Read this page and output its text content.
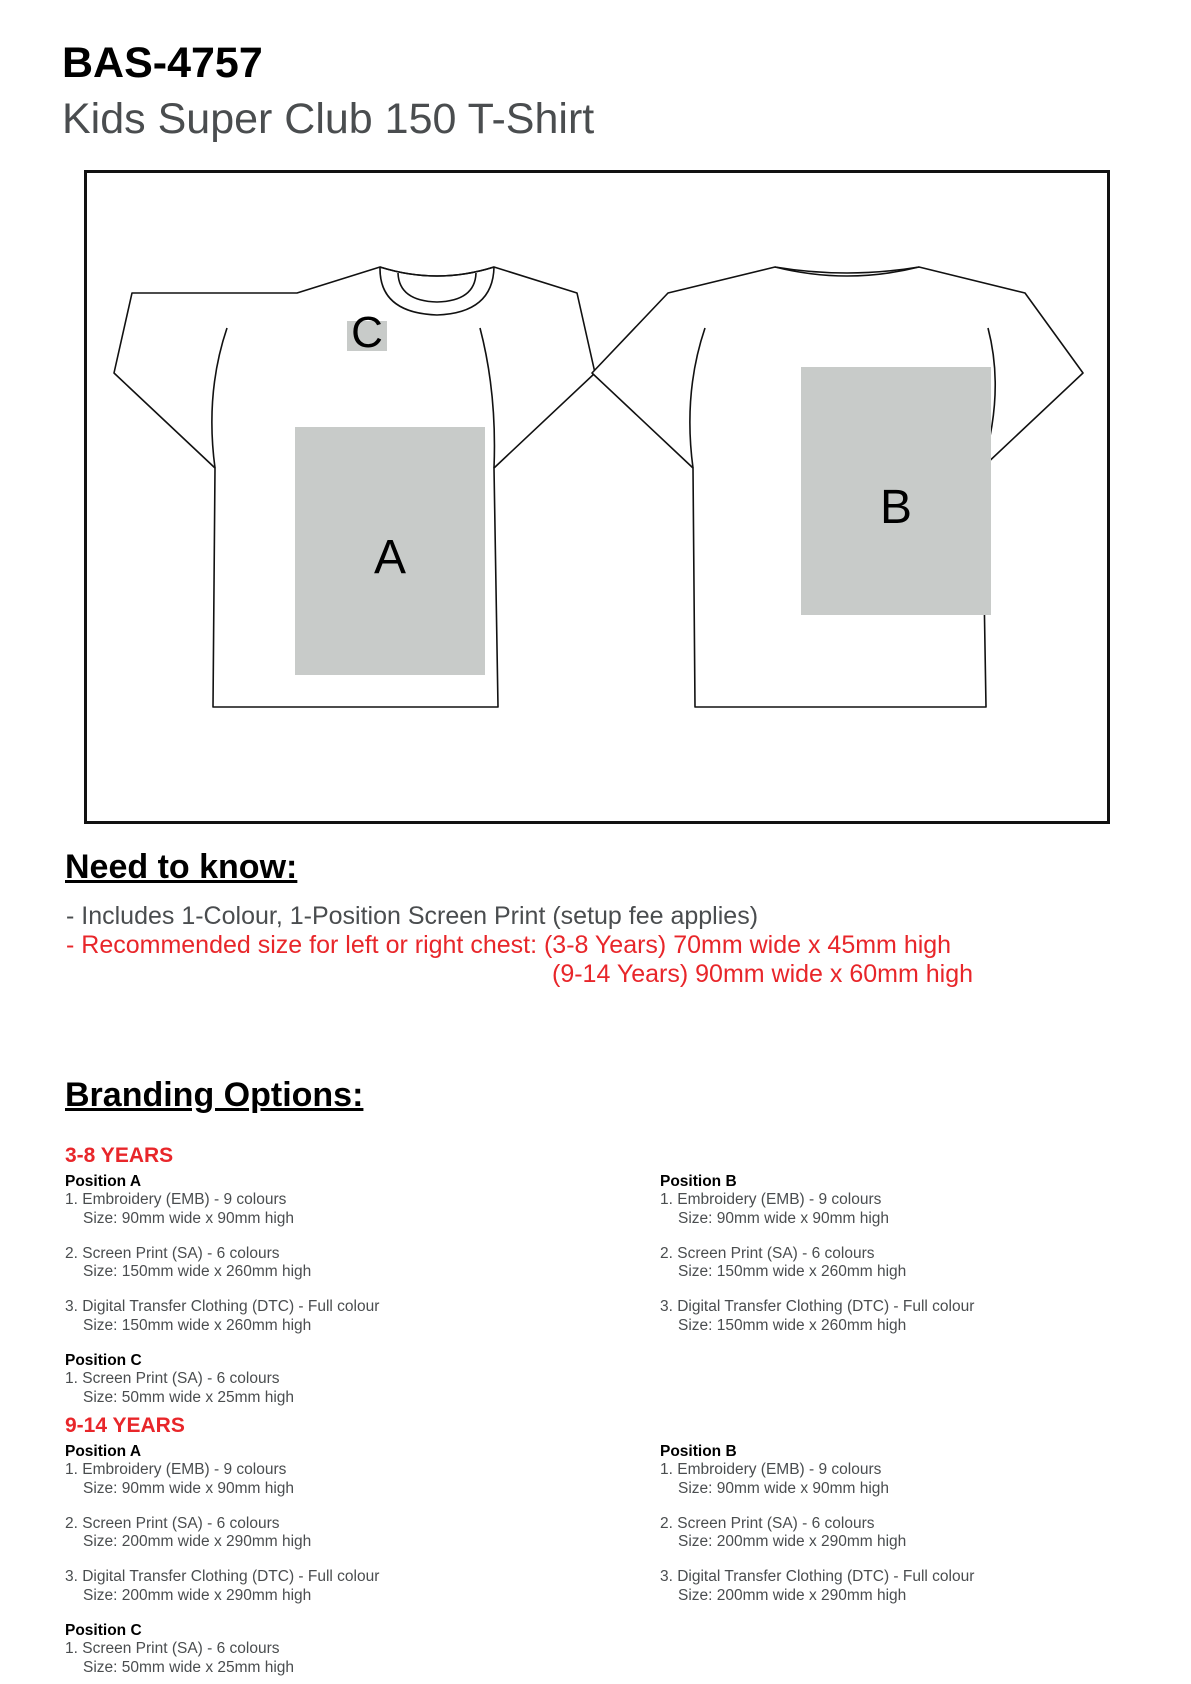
BAS-4757
Kids Super Club 150 T-Shirt
C
A
B
Need to know:
- Includes 1-Colour, 1-Position Screen Print (setup fee applies)
- Recommended size for left or right chest: (3-8 Years) 70mm wide x 45mm high
(9-14 Years) 90mm wide x 60mm high
Branding Options:
3-8 YEARS
Position A
1. Embroidery (EMB) - 9 colours
Size: 90mm wide x 90mm high
2. Screen Print (SA) - 6 colours
Size: 150mm wide x 260mm high
3. Digital Transfer Clothing (DTC) - Full colour
Size: 150mm wide x 260mm high
Position B
1. Embroidery (EMB) - 9 colours
Size: 90mm wide x 90mm high
2. Screen Print (SA) - 6 colours
Size: 150mm wide x 260mm high
3. Digital Transfer Clothing (DTC) - Full colour
Size: 150mm wide x 260mm high
Position C
1. Screen Print (SA) - 6 colours
Size: 50mm wide x 25mm high
9-14 YEARS
Position A
1. Embroidery (EMB) - 9 colours
Size: 90mm wide x 90mm high
2. Screen Print (SA) - 6 colours
Size: 200mm wide x 290mm high
3. Digital Transfer Clothing (DTC) - Full colour
Size: 200mm wide x 290mm high
Position B
1. Embroidery (EMB) - 9 colours
Size: 90mm wide x 90mm high
2. Screen Print (SA) - 6 colours
Size: 200mm wide x 290mm high
3. Digital Transfer Clothing (DTC) - Full colour
Size: 200mm wide x 290mm high
Position C
1. Screen Print (SA) - 6 colours
Size: 50mm wide x 25mm high
